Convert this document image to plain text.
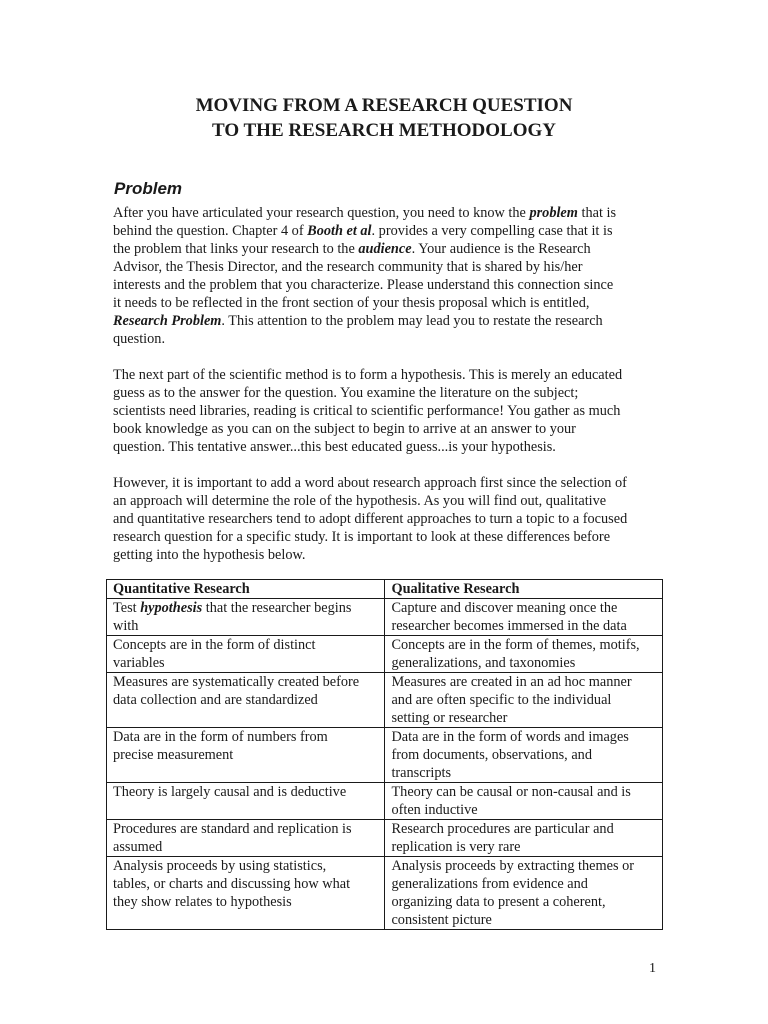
MOVING FROM A RESEARCH QUESTION
TO THE RESEARCH METHODOLOGY
Problem

After you have articulated your research question, you need to know the problem that is
behind the question. Chapter 4 of Booth et al. provides a very compelling case that it is
the problem that links your research to the audience. Your audience is the Research
Advisor, the Thesis Director, and the research community that is shared by his/her
interests and the problem that you characterize. Please understand this connection since
it needs to be reflected in the front section of your thesis proposal which is entitled,
Research Problem. This attention to the problem may lead you to restate the research
question.

The next part of the scientific method is to form a hypothesis. This is merely an educated
guess as to the answer for the question. You examine the literature on the subject;
scientists need libraries, reading is critical to scientific performance! You gather as much
book knowledge as you can on the subject to begin to arrive at an answer to your
question. This tentative answer...this best educated guess...is your hypothesis.

However, it is important to add a word about research approach first since the selection of
an approach will determine the role of the hypothesis. As you will find out, qualitative
and quantitative researchers tend to adopt different approaches to turn a topic to a focused
research question for a specific study. It is important to look at these differences before
getting into the hypothesis below.

Quantitative Research	Qualitative Research

Test hypothesis that the researcher begins
with	Capture and discover meaning once the
researcher becomes immersed in the data

Concepts are in the form of distinct
variables	Concepts are in the form of themes, motifs,
generalizations, and taxonomies

Measures are systematically created before
data collection and are standardized	Measures are created in an ad hoc manner
and are often specific to the individual
setting or researcher

Data are in the form of numbers from
precise measurement	Data are in the form of words and images
from documents, observations, and
transcripts

Theory is largely causal and is deductive	Theory can be causal or non-causal and is
often inductive

Procedures are standard and replication is
assumed	Research procedures are particular and
replication is very rare

Analysis proceeds by using statistics,
tables, or charts and discussing how what
they show relates to hypothesis	Analysis proceeds by extracting themes or
generalizations from evidence and
organizing data to present a coherent,
consistent picture
1
